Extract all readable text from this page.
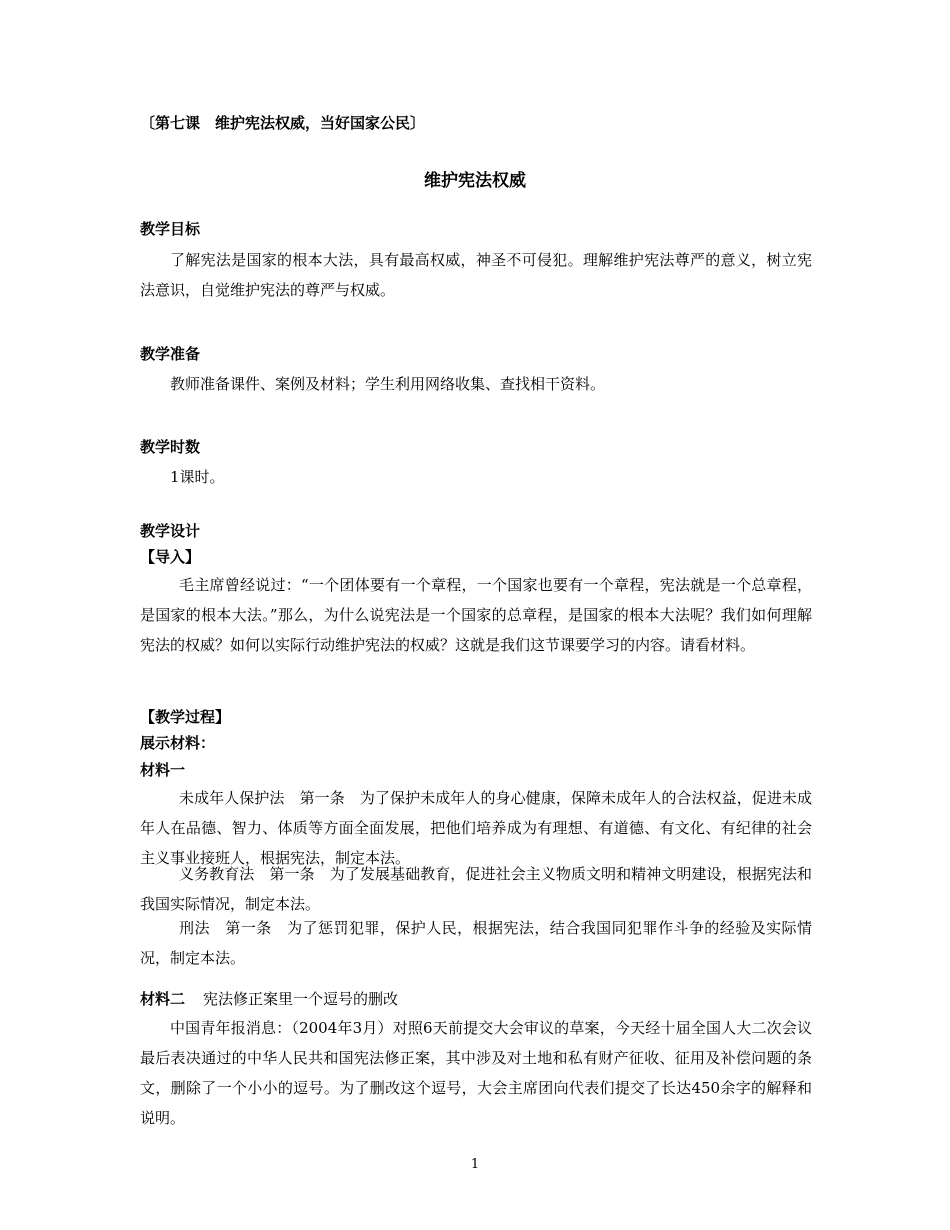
〔第七课　维护宪法权威，当好国家公民〕
维护宪法权威
教学目标

了解宪法是国家的根本大法，具有最高权威，神圣不可侵犯。理解维护宪法尊严的意义，树立宪法意识，自觉维护宪法的尊严与权威。

教学准备

教师准备课件、案例及材料；学生利用网络收集、查找相干资料。

教学时数

1课时。

教学设计
【导入】

毛主席曾经说过：“一个团体要有一个章程，一个国家也要有一个章程，宪法就是一个总章程，是国家的根本大法。”那么，为什么说宪法是一个国家的总章程，是国家的根本大法呢？我们如何理解宪法的权威？如何以实际行动维护宪法的权威？这就是我们这节课要学习的内容。请看材料。

【教学过程】
展示材料：
材料一

未成年人保护法　第一条　为了保护未成年人的身心健康，保障未成年人的合法权益，促进未成年人在品德、智力、体质等方面全面发展，把他们培养成为有理想、有道德、有文化、有纪律的社会主义事业接班人，根据宪法，制定本法。

义务教育法　第一条　为了发展基础教育，促进社会主义物质文明和精神文明建设，根据宪法和我国实际情况，制定本法。

刑法　第一条　为了惩罚犯罪，保护人民，根据宪法，结合我国同犯罪作斗争的经验及实际情况，制定本法。

材料二 宪法修正案里一个逗号的删改

中国青年报消息：（2004年3月）对照6天前提交大会审议的草案，今天经十届全国人大二次会议最后表决通过的中华人民共和国宪法修正案，其中涉及对土地和私有财产征收、征用及补偿问题的条文，删除了一个小小的逗号。为了删改这个逗号，大会主席团向代表们提交了长达450余字的解释和说明。

1
